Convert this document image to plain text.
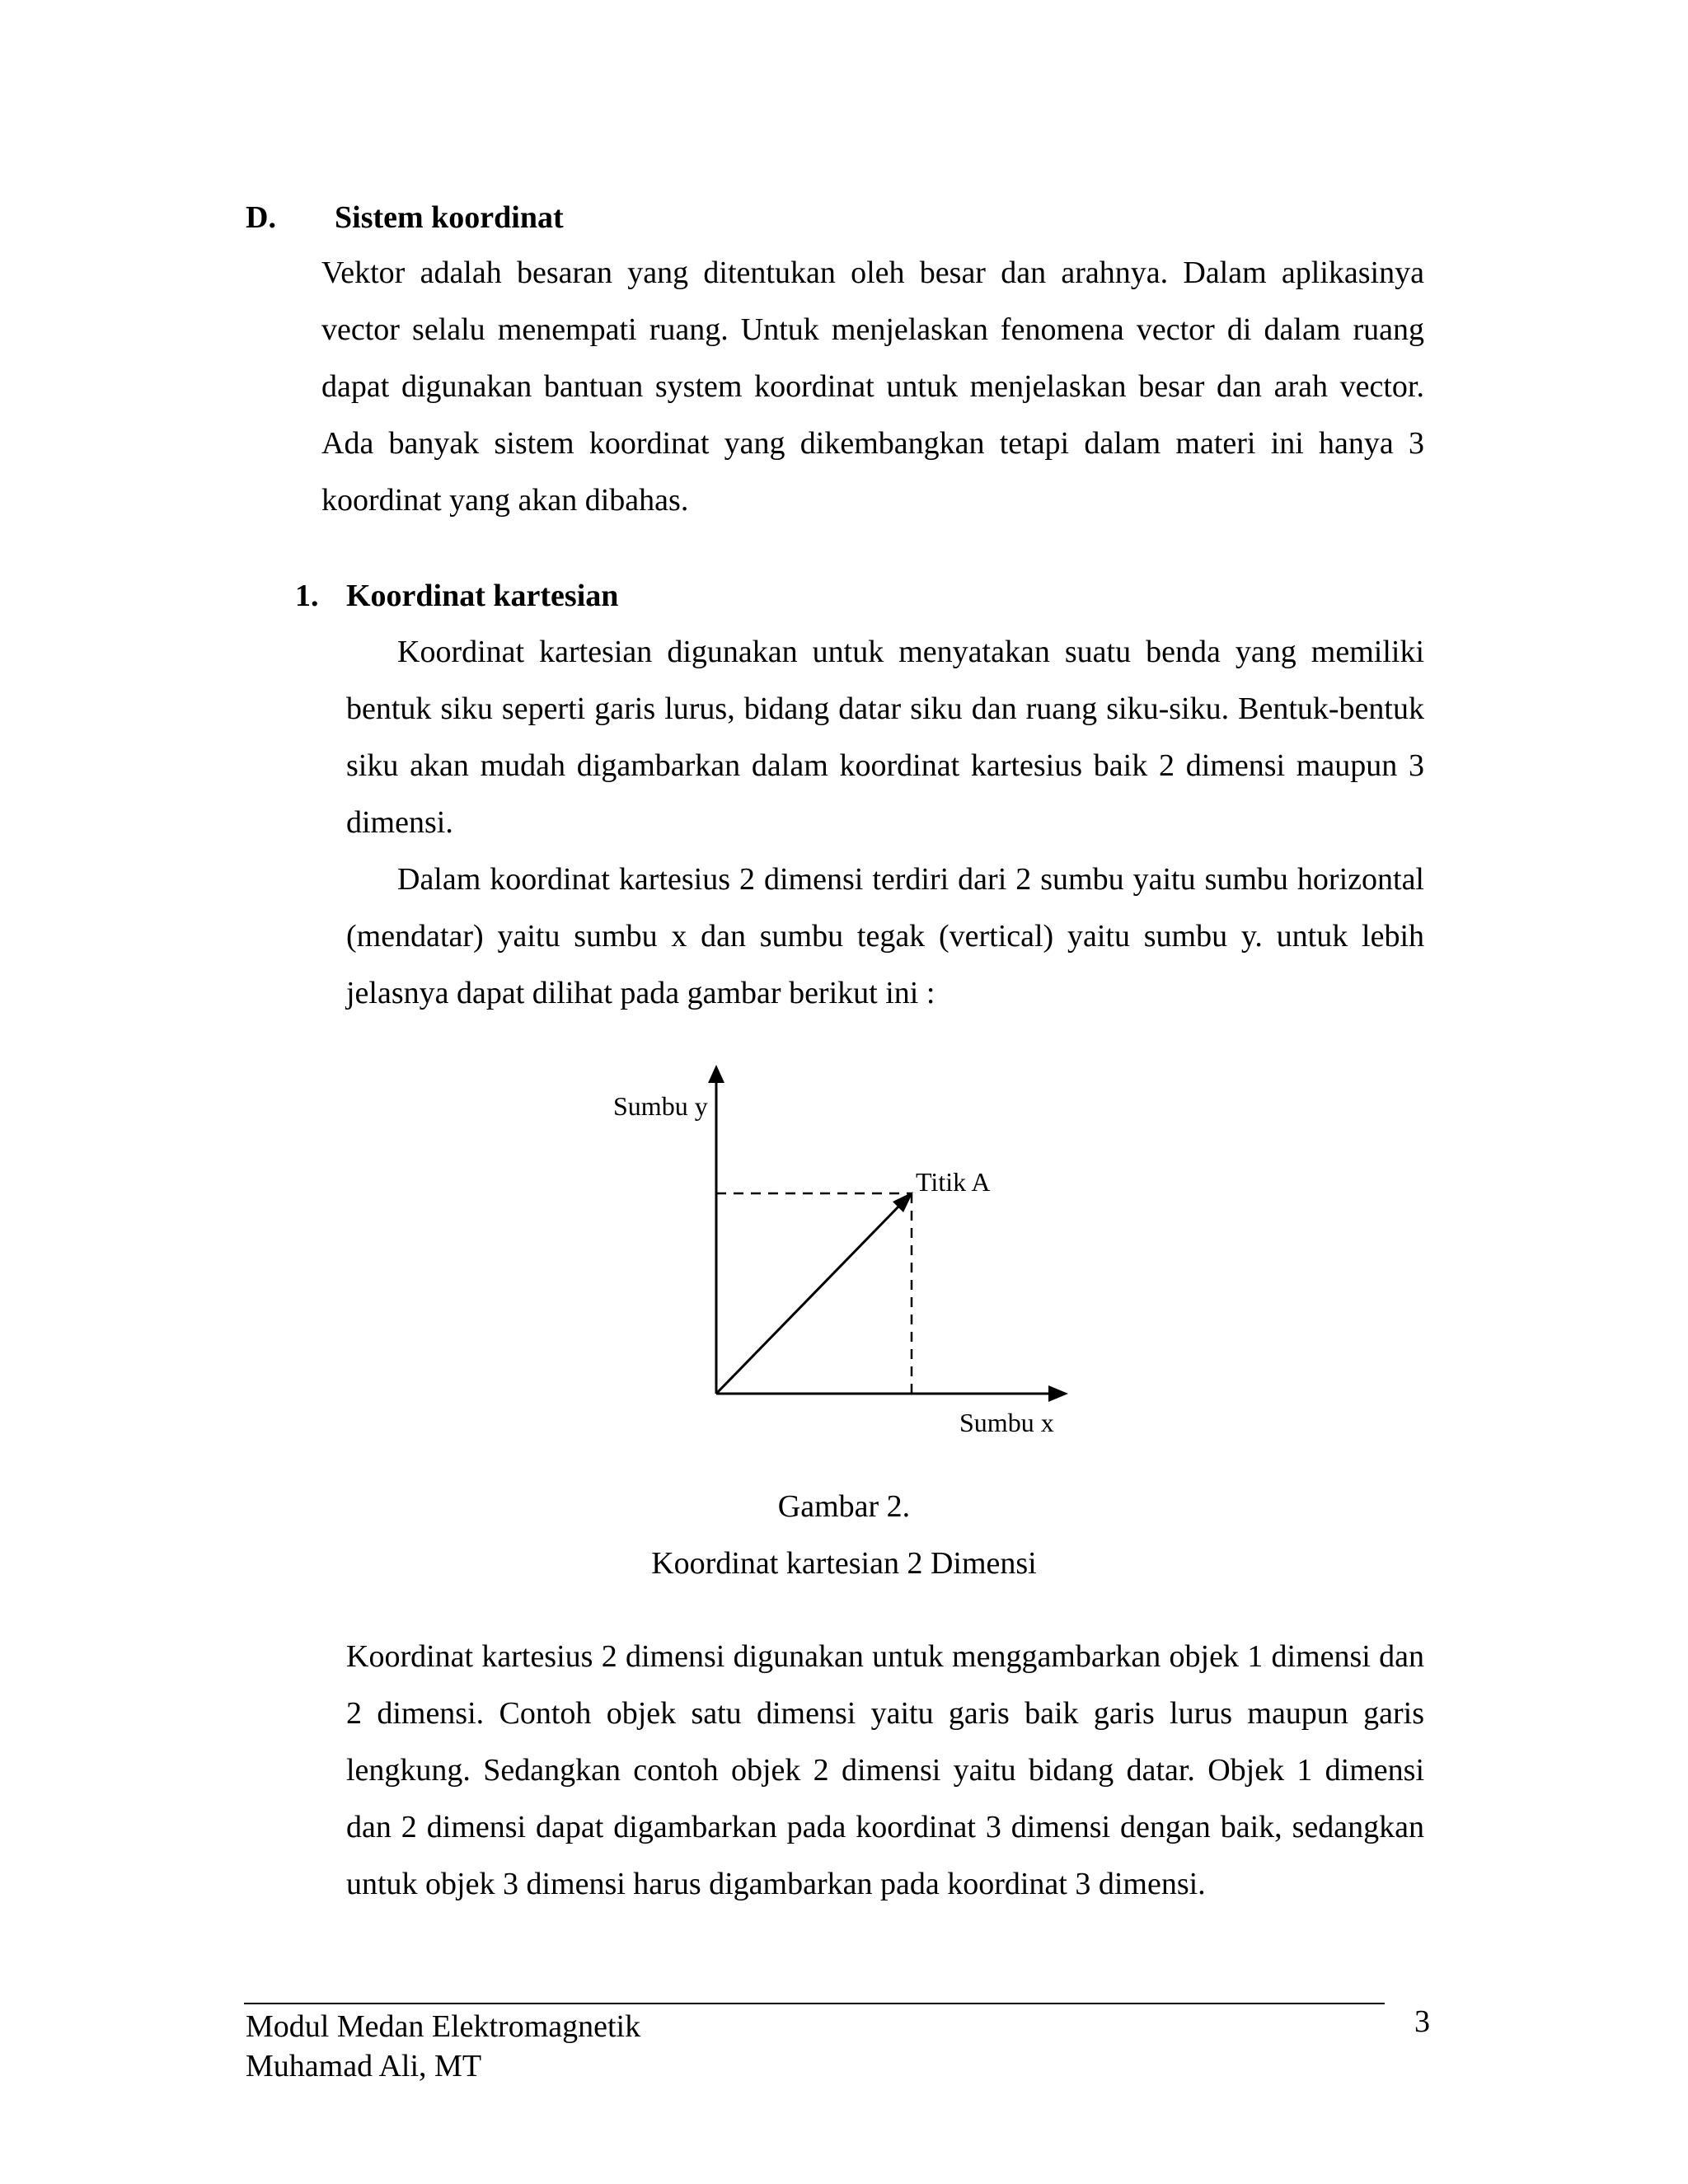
D. Sistem koordinat

Vektor adalah besaran yang ditentukan oleh besar dan arahnya. Dalam aplikasinya vector selalu menempati ruang. Untuk menjelaskan fenomena vector di dalam ruang dapat digunakan bantuan system koordinat untuk menjelaskan besar dan arah vector. Ada banyak sistem koordinat yang dikembangkan tetapi dalam materi ini hanya 3 koordinat yang akan dibahas.

1. Koordinat kartesian

Koordinat kartesian digunakan untuk menyatakan suatu benda yang memiliki bentuk siku seperti garis lurus, bidang datar siku dan ruang siku-siku. Bentuk-bentuk siku akan mudah digambarkan dalam koordinat kartesius baik 2 dimensi maupun 3 dimensi.

Dalam koordinat kartesius 2 dimensi terdiri dari 2 sumbu yaitu sumbu horizontal (mendatar) yaitu sumbu x dan sumbu tegak (vertical) yaitu sumbu y. untuk lebih jelasnya dapat dilihat pada gambar berikut ini :

Sumbu y
Titik A
Sumbu x
Gambar 2.
Koordinat kartesian 2 Dimensi

Koordinat kartesius 2 dimensi digunakan untuk menggambarkan objek 1 dimensi dan 2 dimensi. Contoh objek satu dimensi yaitu garis baik garis lurus maupun garis lengkung. Sedangkan contoh objek 2 dimensi yaitu bidang datar. Objek 1 dimensi dan 2 dimensi dapat digambarkan pada koordinat 3 dimensi dengan baik, sedangkan untuk objek 3 dimensi harus digambarkan pada koordinat 3 dimensi.

Modul Medan Elektromagnetik
Muhamad Ali, MT
3
